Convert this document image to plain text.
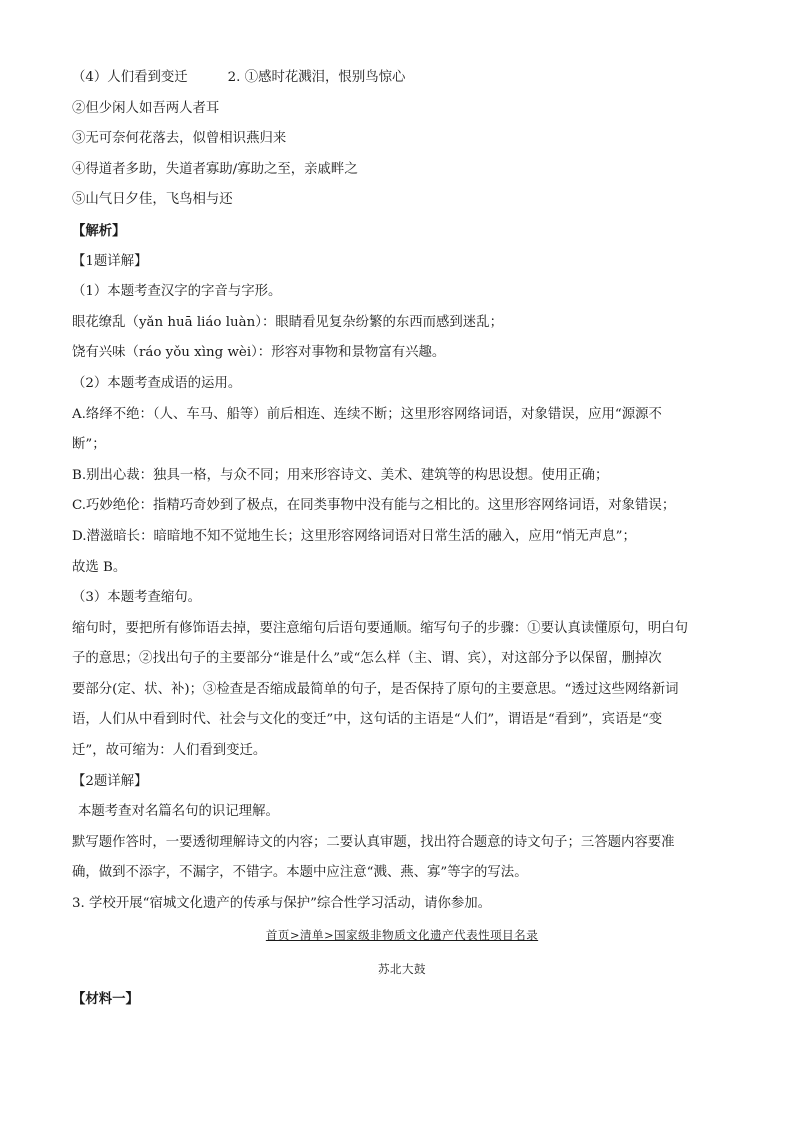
（4）人们看到变迁	2. ①感时花溅泪，恨别鸟惊心
②但少闲人如吾两人者耳
③无可奈何花落去，似曾相识燕归来
④得道者多助，失道者寡助/寡助之至，亲戚畔之
⑤山气日夕佳，飞鸟相与还
【解析】
【1题详解】
（1）本题考查汉字的字音与字形。
眼花缭乱（yǎn huā liáo luàn）：眼睛看见复杂纷繁的东西而感到迷乱；
饶有兴味（ráo yǒu xìng wèi）：形容对事物和景物富有兴趣。
（2）本题考查成语的运用。
A.络绎不绝：（人、车马、船等）前后相连、连续不断；这里形容网络词语，对象错误，应用“源源不
断”；
B.别出心裁：独具一格，与众不同；用来形容诗文、美术、建筑等的构思设想。使用正确；
C.巧妙绝伦：指精巧奇妙到了极点，在同类事物中没有能与之相比的。这里形容网络词语，对象错误；
D.潜滋暗长：暗暗地不知不觉地生长；这里形容网络词语对日常生活的融入，应用“悄无声息”；
故选 B。
（3）本题考查缩句。
缩句时，要把所有修饰语去掉，要注意缩句后语句要通顺。缩写句子的步骤：①要认真读懂原句，明白句
子的意思；②找出句子的主要部分“谁是什么”或“怎么样（主、谓、宾），对这部分予以保留，删掉次
要部分(定、状、补)；③检查是否缩成最简单的句子，是否保持了原句的主要意思。“透过这些网络新词
语，人们从中看到时代、社会与文化的变迁”中，这句话的主语是“人们”，谓语是“看到”，宾语是“变
迁”，故可缩为：人们看到变迁。
【2题详解】
本题考查对名篇名句的识记理解。
默写题作答时，一要透彻理解诗文的内容；二要认真审题，找出符合题意的诗文句子；三答题内容要准
确，做到不添字，不漏字，不错字。本题中应注意“溅、燕、寡”等字的写法。
3. 学校开展“宿城文化遗产的传承与保护”综合性学习活动，请你参加。
首页>清单>国家级非物质文化遗产代表性项目名录
苏北大鼓
【材料一】
